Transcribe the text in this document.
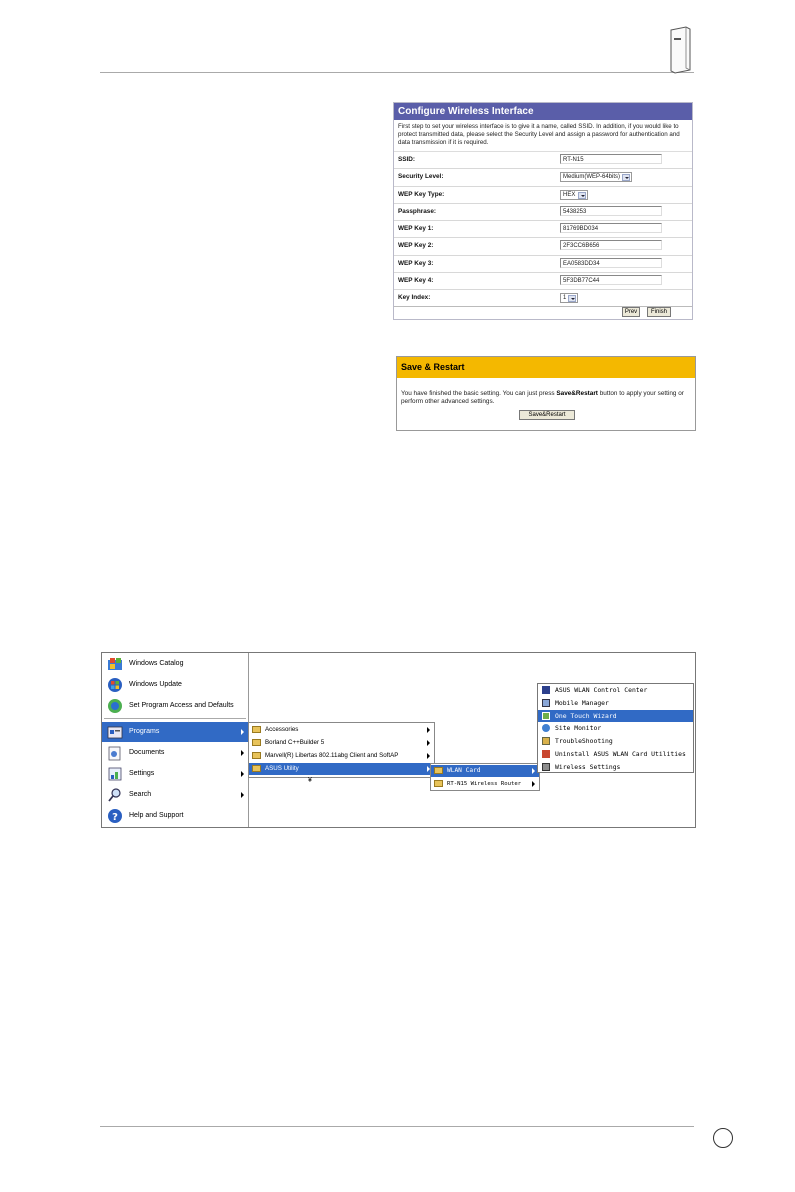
Configure Wireless Interface
First step to set your wireless interface is to give it a name, called SSID. In addition, if you would like to protect transmitted data, please select the Security Level and assign a password for authentication and data transmission if it is required.
SSID:	RT-N15
Security Level:	Medium(WEP-64bits)
WEP Key Type:	HEX
Passphrase:	5438253
WEP Key 1:	81769BD034
WEP Key 2:	2F3CC6B656
WEP Key 3:	EA0583DD34
WEP Key 4:	5F3DB77C44
Key Index:	1
Prev	Finish
Save & Restart
You have finished the basic setting. You can just press Save&Restart button to apply your setting or perform other advanced settings.
Save&Restart
Windows Catalog
Windows Update
Set Program Access and Defaults
Programs
Documents
Settings
Search
? Help and Support
Accessories
Borland C++Builder 5
Marvell(R) Libertas 802.11abg Client and SoftAP
ASUS Utility
¥
WLAN Card
RT-N15 Wireless Router
ASUS WLAN Control Center
Mobile Manager
One Touch Wizard
Site Monitor
TroubleShooting
Uninstall ASUS WLAN Card Utilities
Wireless Settings
